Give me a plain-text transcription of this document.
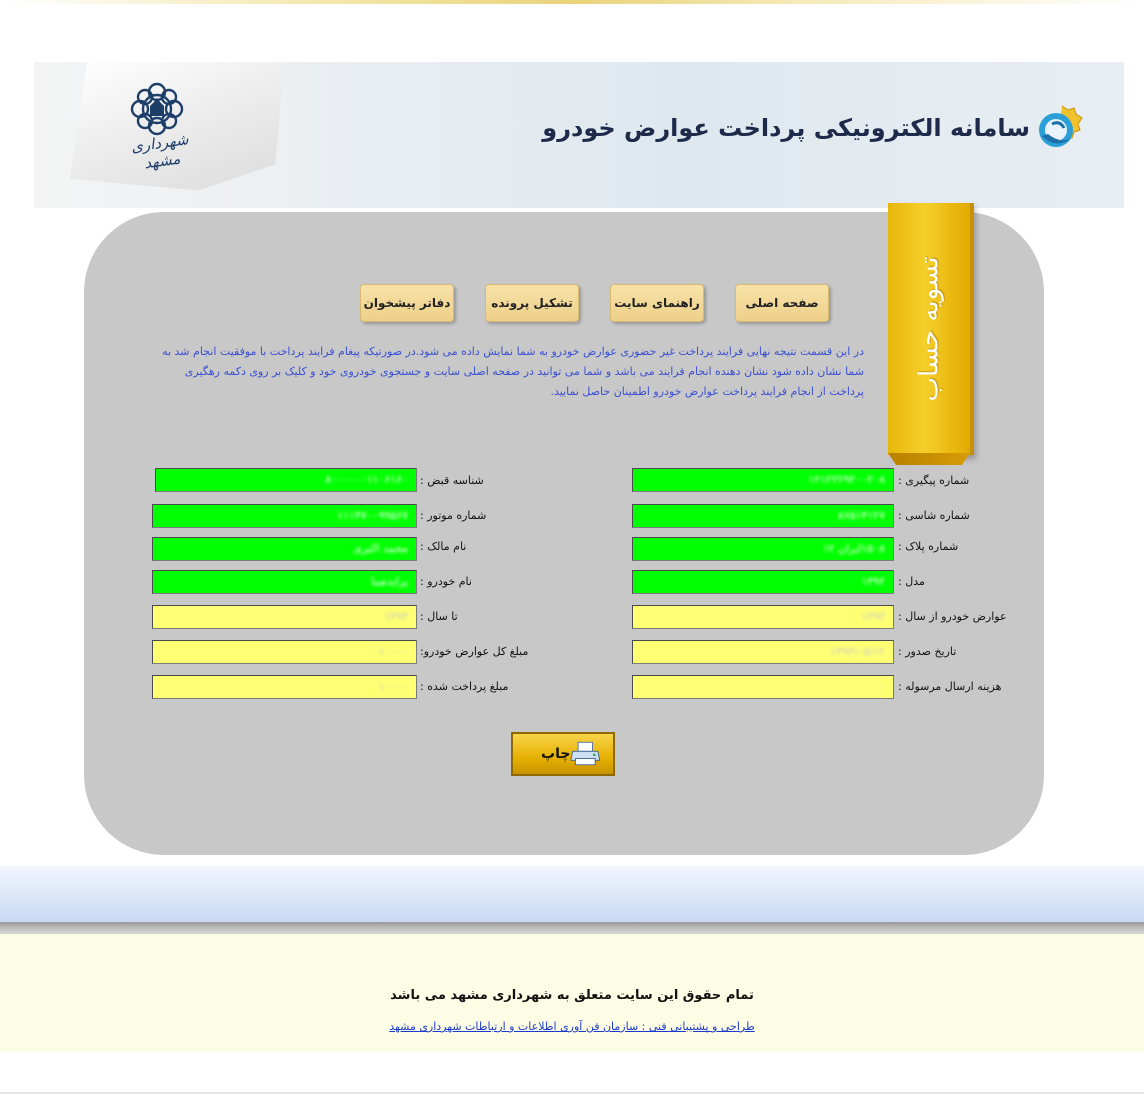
شهرداری مشهد
سامانه الکترونیکی پرداخت عوارض خودرو
تسویه حساب
صفحه اصلی
راهنمای سایت
تشکیل پرونده
دفاتر پیشخوان
در این قسمت نتیجه نهایی فرایند پرداخت غیر حضوری عوارض خودرو به شما نمایش داده می شود.در صورتیکه پیغام فرایند پرداخت با موفقیت انجام شد به شما نشان داده شود نشان دهنده انجام فرایند می باشد و شما می توانید در صفحه اصلی سایت و جستجوی خودروی خود و کلیک بر روی دکمه رهگیری پرداخت از انجام فرایند پرداخت عوارض خودرو اطمینان حاصل نمایید.
شماره پیگیری :
۱۲۱۲۲۲۹۲۰۰۲۰۸
شماره شاسی :
۸۶۵۱۴۱۲۷
شماره پلاک :
۱۵۰۸ایران ۱۲
مدل :
۱۳۹۲
عوارض خودرو از سال :
۱۳۹۳
تاریخ صدور :
۱۳۹۳/۰۵/۱۲
هزینه ارسال مرسوله :
۰
شناسه قبض :
۸۰۰۰۰۰۰۱۱۰۶۱۶۰
شماره موتور :
۱۱۱۴۷۰۰۹۹۵۶۷
نام مالک :
محمد اکبری
نام خودرو :
پرایدصبا
تا سال :
۱۳۹۳
مبلغ کل عوارض خودرو:
۱۰۰۰۰
مبلغ پرداخت شده :
۱۰۰۰۰
چاپ
تمام حقوق این سایت متعلق به شهرداری مشهد می باشد
طراحی و پشتیبانی فنی : سازمان فن آوری اطلاعات و ارتباطات شهرداری مشهد
